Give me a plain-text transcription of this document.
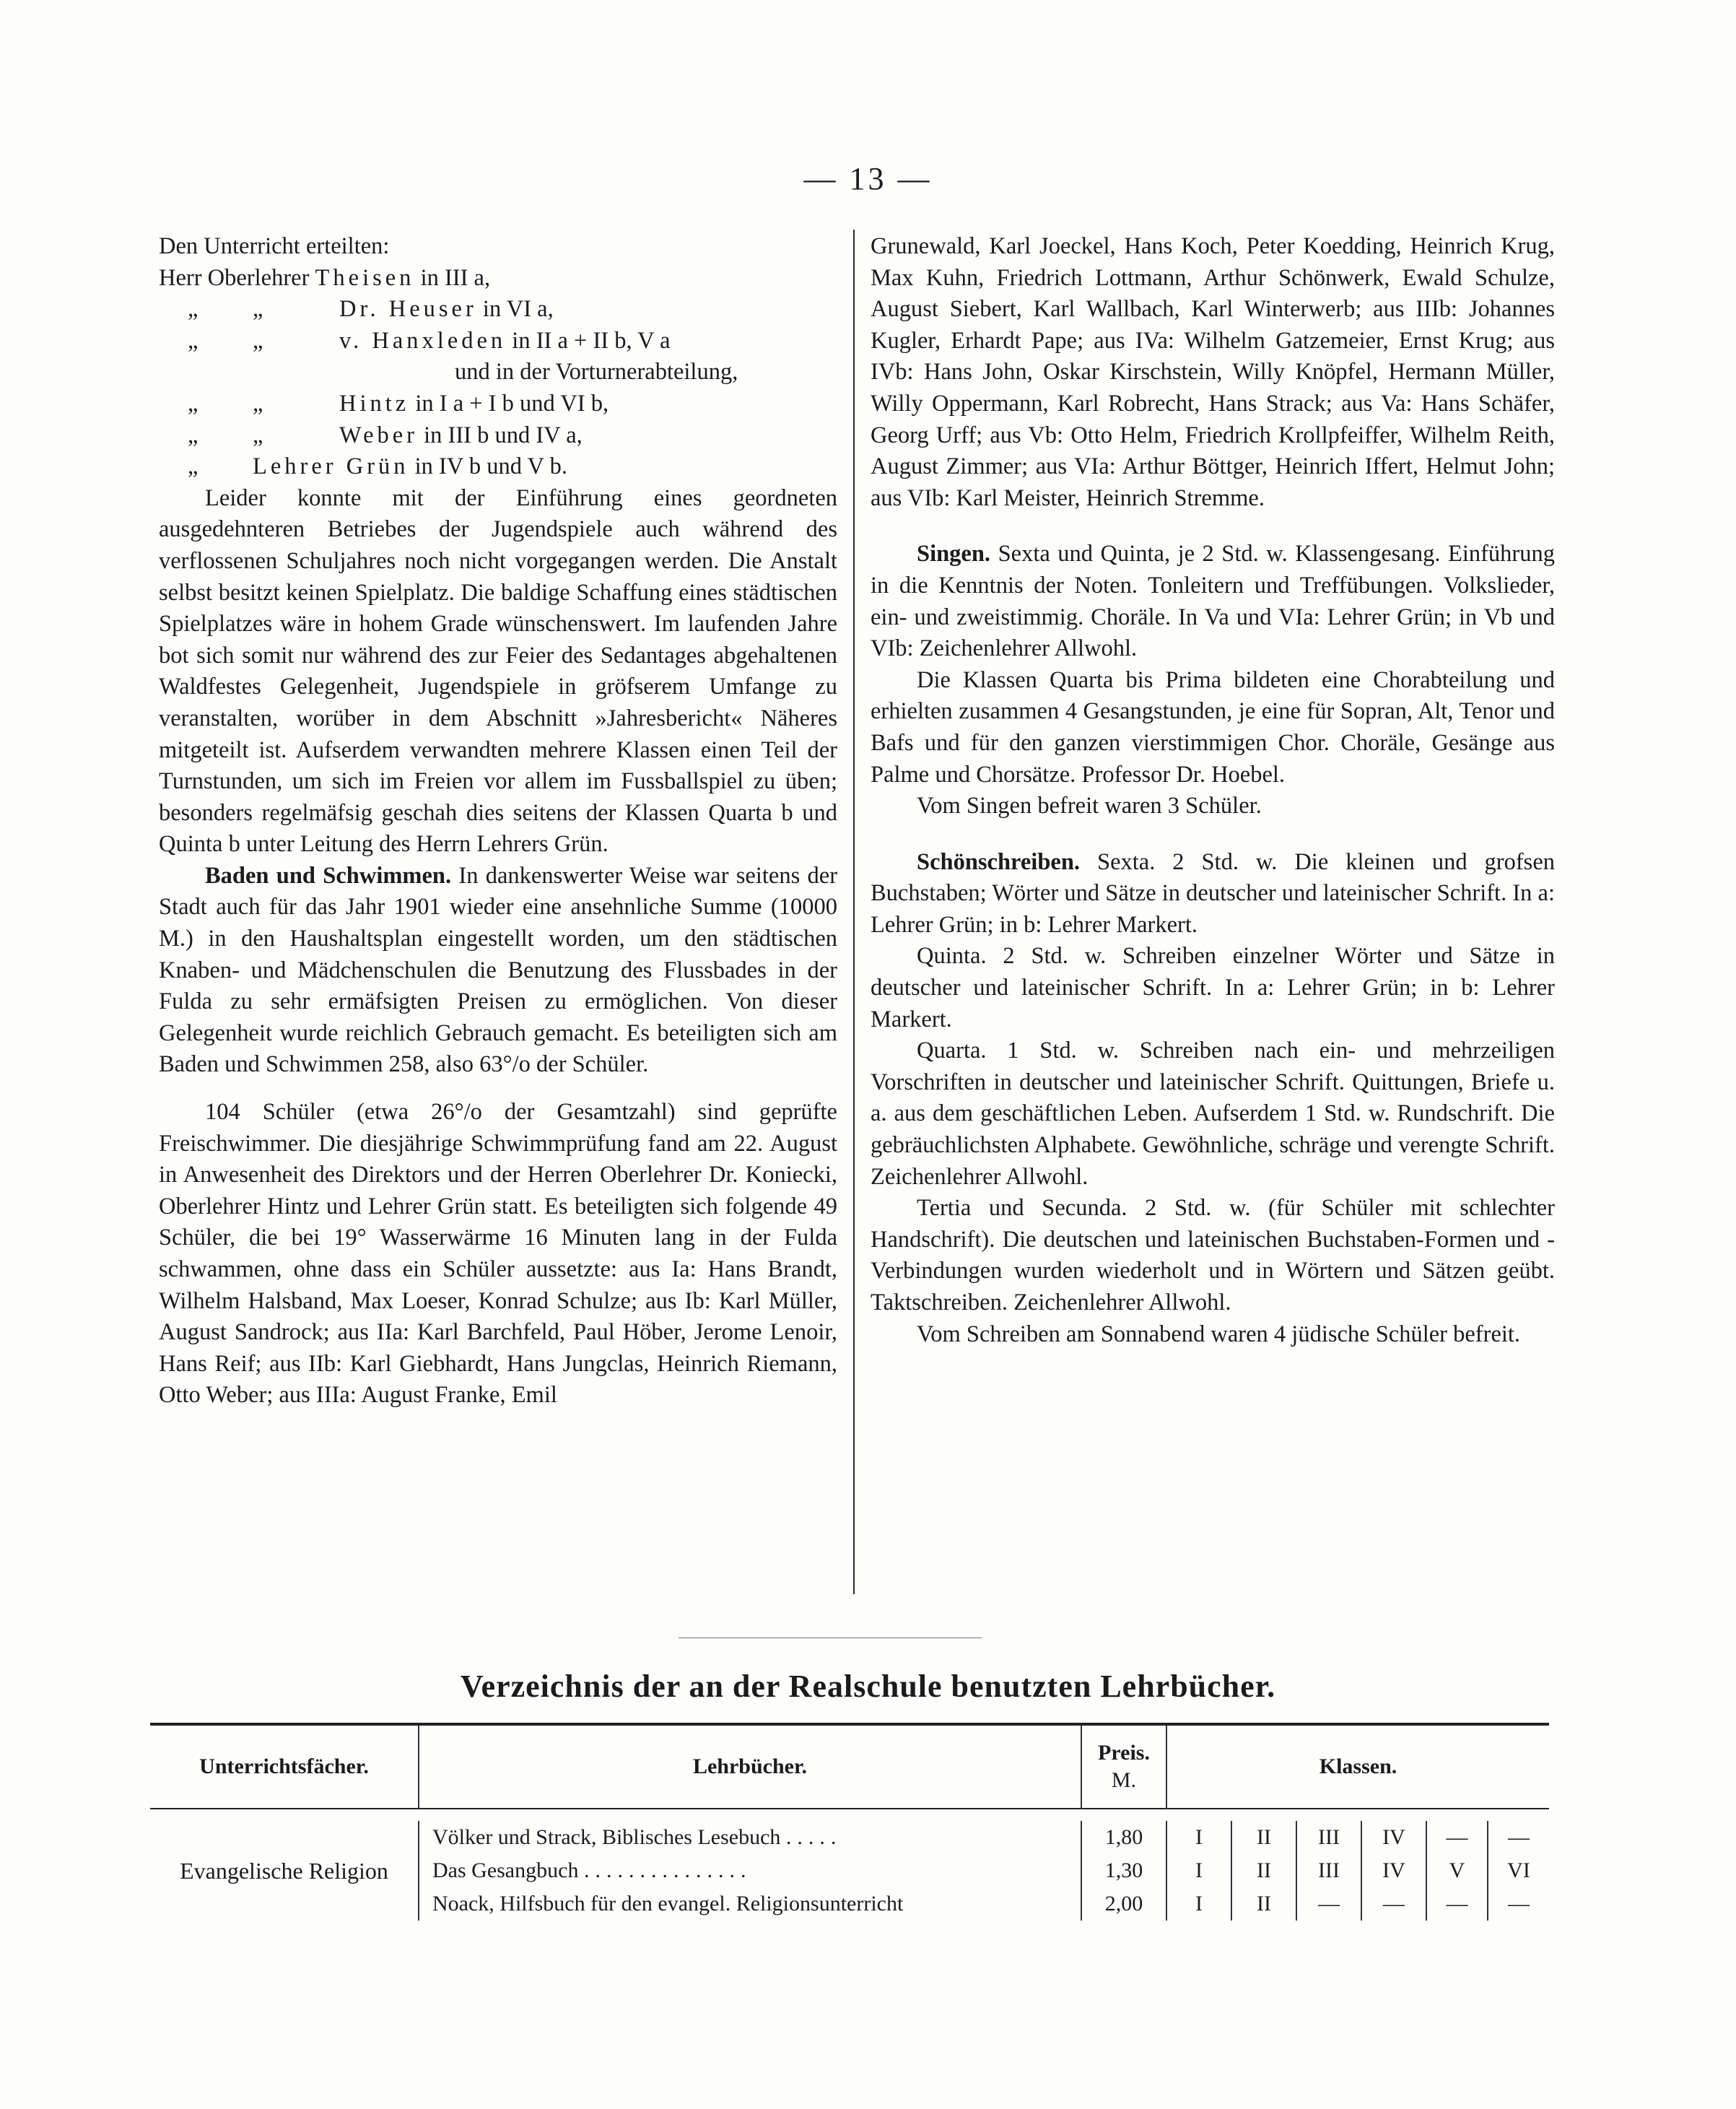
— 13 —

Den Unterricht erteilten:

Herr Oberlehrer
Theisen
in III a,
„	„	Dr. Heuser
in VI a,
„	„	v. Hanxleden
in II a + II b, V a
und in der Vorturnerabteilung,
„	„	Hintz
in I a + I b und VI b,
„	„	Weber
in III b und IV a,
„	Lehrer Grün
in IV b und V b.

Leider konnte mit der Einführung eines geordneten ausgedehnteren Betriebes der Jugendspiele auch während des verflossenen Schuljahres noch nicht vorgegangen werden. Die Anstalt selbst besitzt keinen Spielplatz. Die baldige Schaffung eines städtischen Spielplatzes wäre in hohem Grade wünschenswert. Im laufenden Jahre bot sich somit nur während des zur Feier des Sedantages abgehaltenen Waldfestes Gelegenheit, Jugendspiele in gröfserem Umfange zu veranstalten, worüber in dem Abschnitt »Jahresbericht« Näheres mitgeteilt ist. Aufserdem verwandten mehrere Klassen einen Teil der Turnstunden, um sich im Freien vor allem im Fussballspiel zu üben; besonders regelmäfsig geschah dies seitens der Klassen Quarta b und Quinta b unter Leitung des Herrn Lehrers Grün.

Baden und Schwimmen. In dankenswerter Weise war seitens der Stadt auch für das Jahr 1901 wieder eine ansehnliche Summe (10000 M.) in den Haushaltsplan eingestellt worden, um den städtischen Knaben- und Mädchenschulen die Benutzung des Flussbades in der Fulda zu sehr ermäfsigten Preisen zu ermöglichen. Von dieser Gelegenheit wurde reichlich Gebrauch gemacht. Es beteiligten sich am Baden und Schwimmen 258, also 63°/o der Schüler.

104 Schüler (etwa 26°/o der Gesamtzahl) sind geprüfte Freischwimmer. Die diesjährige Schwimmprüfung fand am 22. August in Anwesenheit des Direktors und der Herren Oberlehrer Dr. Koniecki, Oberlehrer Hintz und Lehrer Grün statt. Es beteiligten sich folgende 49 Schüler, die bei 19° Wasserwärme 16 Minuten lang in der Fulda schwammen, ohne dass ein Schüler aussetzte: aus Ia: Hans Brandt, Wilhelm Halsband, Max Loeser, Konrad Schulze; aus Ib: Karl Müller, August Sandrock; aus IIa: Karl Barchfeld, Paul Höber, Jerome Lenoir, Hans Reif; aus IIb: Karl Giebhardt, Hans Jungclas, Heinrich Riemann, Otto Weber; aus IIIa: August Franke, Emil

Grunewald, Karl Joeckel, Hans Koch, Peter Koedding, Heinrich Krug, Max Kuhn, Friedrich Lottmann, Arthur Schönwerk, Ewald Schulze, August Siebert, Karl Wallbach, Karl Winterwerb; aus IIIb: Johannes Kugler, Erhardt Pape; aus IVa: Wilhelm Gatzemeier, Ernst Krug; aus IVb: Hans John, Oskar Kirschstein, Willy Knöpfel, Hermann Müller, Willy Oppermann, Karl Robrecht, Hans Strack; aus Va: Hans Schäfer, Georg Urff; aus Vb: Otto Helm, Friedrich Krollpfeiffer, Wilhelm Reith, August Zimmer; aus VIa: Arthur Böttger, Heinrich Iffert, Helmut John; aus VIb: Karl Meister, Heinrich Stremme.

Singen. Sexta und Quinta, je 2 Std. w. Klassengesang. Einführung in die Kenntnis der Noten. Tonleitern und Treffübungen. Volkslieder, ein- und zweistimmig. Choräle. In Va und VIa: Lehrer Grün; in Vb und VIb: Zeichenlehrer Allwohl.

Die Klassen Quarta bis Prima bildeten eine Chorabteilung und erhielten zusammen 4 Gesangstunden, je eine für Sopran, Alt, Tenor und Bafs und für den ganzen vierstimmigen Chor. Choräle, Gesänge aus Palme und Chorsätze. Professor Dr. Hoebel.

Vom Singen befreit waren 3 Schüler.

Schönschreiben. Sexta. 2 Std. w. Die kleinen und grofsen Buchstaben; Wörter und Sätze in deutscher und lateinischer Schrift. In a: Lehrer Grün; in b: Lehrer Markert.

Quinta. 2 Std. w. Schreiben einzelner Wörter und Sätze in deutscher und lateinischer Schrift. In a: Lehrer Grün; in b: Lehrer Markert.

Quarta. 1 Std. w. Schreiben nach ein- und mehrzeiligen Vorschriften in deutscher und lateinischer Schrift. Quittungen, Briefe u. a. aus dem geschäftlichen Leben. Aufserdem 1 Std. w. Rundschrift. Die gebräuchlichsten Alphabete. Gewöhnliche, schräge und verengte Schrift. Zeichenlehrer Allwohl.

Tertia und Secunda. 2 Std. w. (für Schüler mit schlechter Handschrift). Die deutschen und lateinischen Buchstaben-Formen und -Verbindungen wurden wiederholt und in Wörtern und Sätzen geübt. Taktschreiben. Zeichenlehrer Allwohl.

Vom Schreiben am Sonnabend waren 4 jüdische Schüler befreit.

Verzeichnis der an der Realschule benutzten Lehrbücher.
Unterrichtsfächer.	Lehrbücher.	Preis.
M.	Klassen.					

Evangelische Religion	Völker und Strack, Biblisches Lesebuch .....	1,80	I	II	III	IV	—	—
	Das Gesangbuch ...............	1,30	I	II	III	IV	V	VI
	Noack, Hilfsbuch für den evangel. Religionsunterricht	2,00	I	II	—	—	—	—
